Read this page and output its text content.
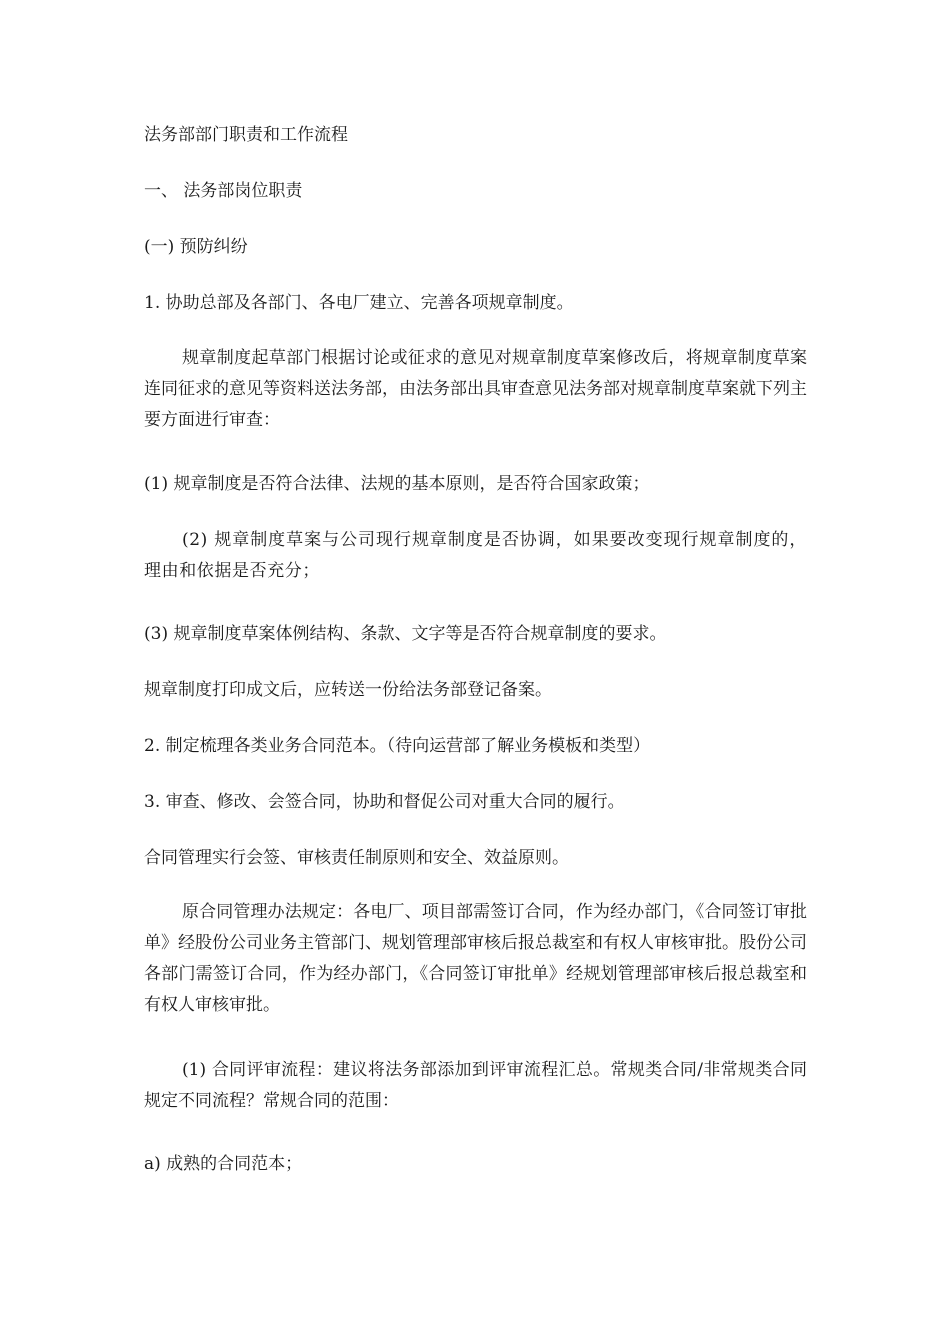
法务部部门职责和工作流程

一、 法务部岗位职责

(一) 预防纠纷

1. 协助总部及各部门、各电厂建立、完善各项规章制度。

规章制度起草部门根据讨论或征求的意见对规章制度草案修改后，将规章制度草案连同征求的意见等资料送法务部，由法务部出具审查意见法务部对规章制度草案就下列主要方面进行审查：

(1) 规章制度是否符合法律、法规的基本原则，是否符合国家政策；

(2) 规章制度草案与公司现行规章制度是否协调，如果要改变现行规章制度的，理由和依据是否充分；

(3) 规章制度草案体例结构、条款、文字等是否符合规章制度的要求。

规章制度打印成文后，应转送一份给法务部登记备案。

2. 制定梳理各类业务合同范本。（待向运营部了解业务模板和类型）

3. 审查、修改、会签合同，协助和督促公司对重大合同的履行。

合同管理实行会签、审核责任制原则和安全、效益原则。

原合同管理办法规定：各电厂、项目部需签订合同，作为经办部门，《合同签订审批单》经股份公司业务主管部门、规划管理部审核后报总裁室和有权人审核审批。股份公司各部门需签订合同，作为经办部门，《合同签订审批单》经规划管理部审核后报总裁室和有权人审核审批。

(1) 合同评审流程：建议将法务部添加到评审流程汇总。常规类合同/非常规类合同规定不同流程？常规合同的范围：

a) 成熟的合同范本；
